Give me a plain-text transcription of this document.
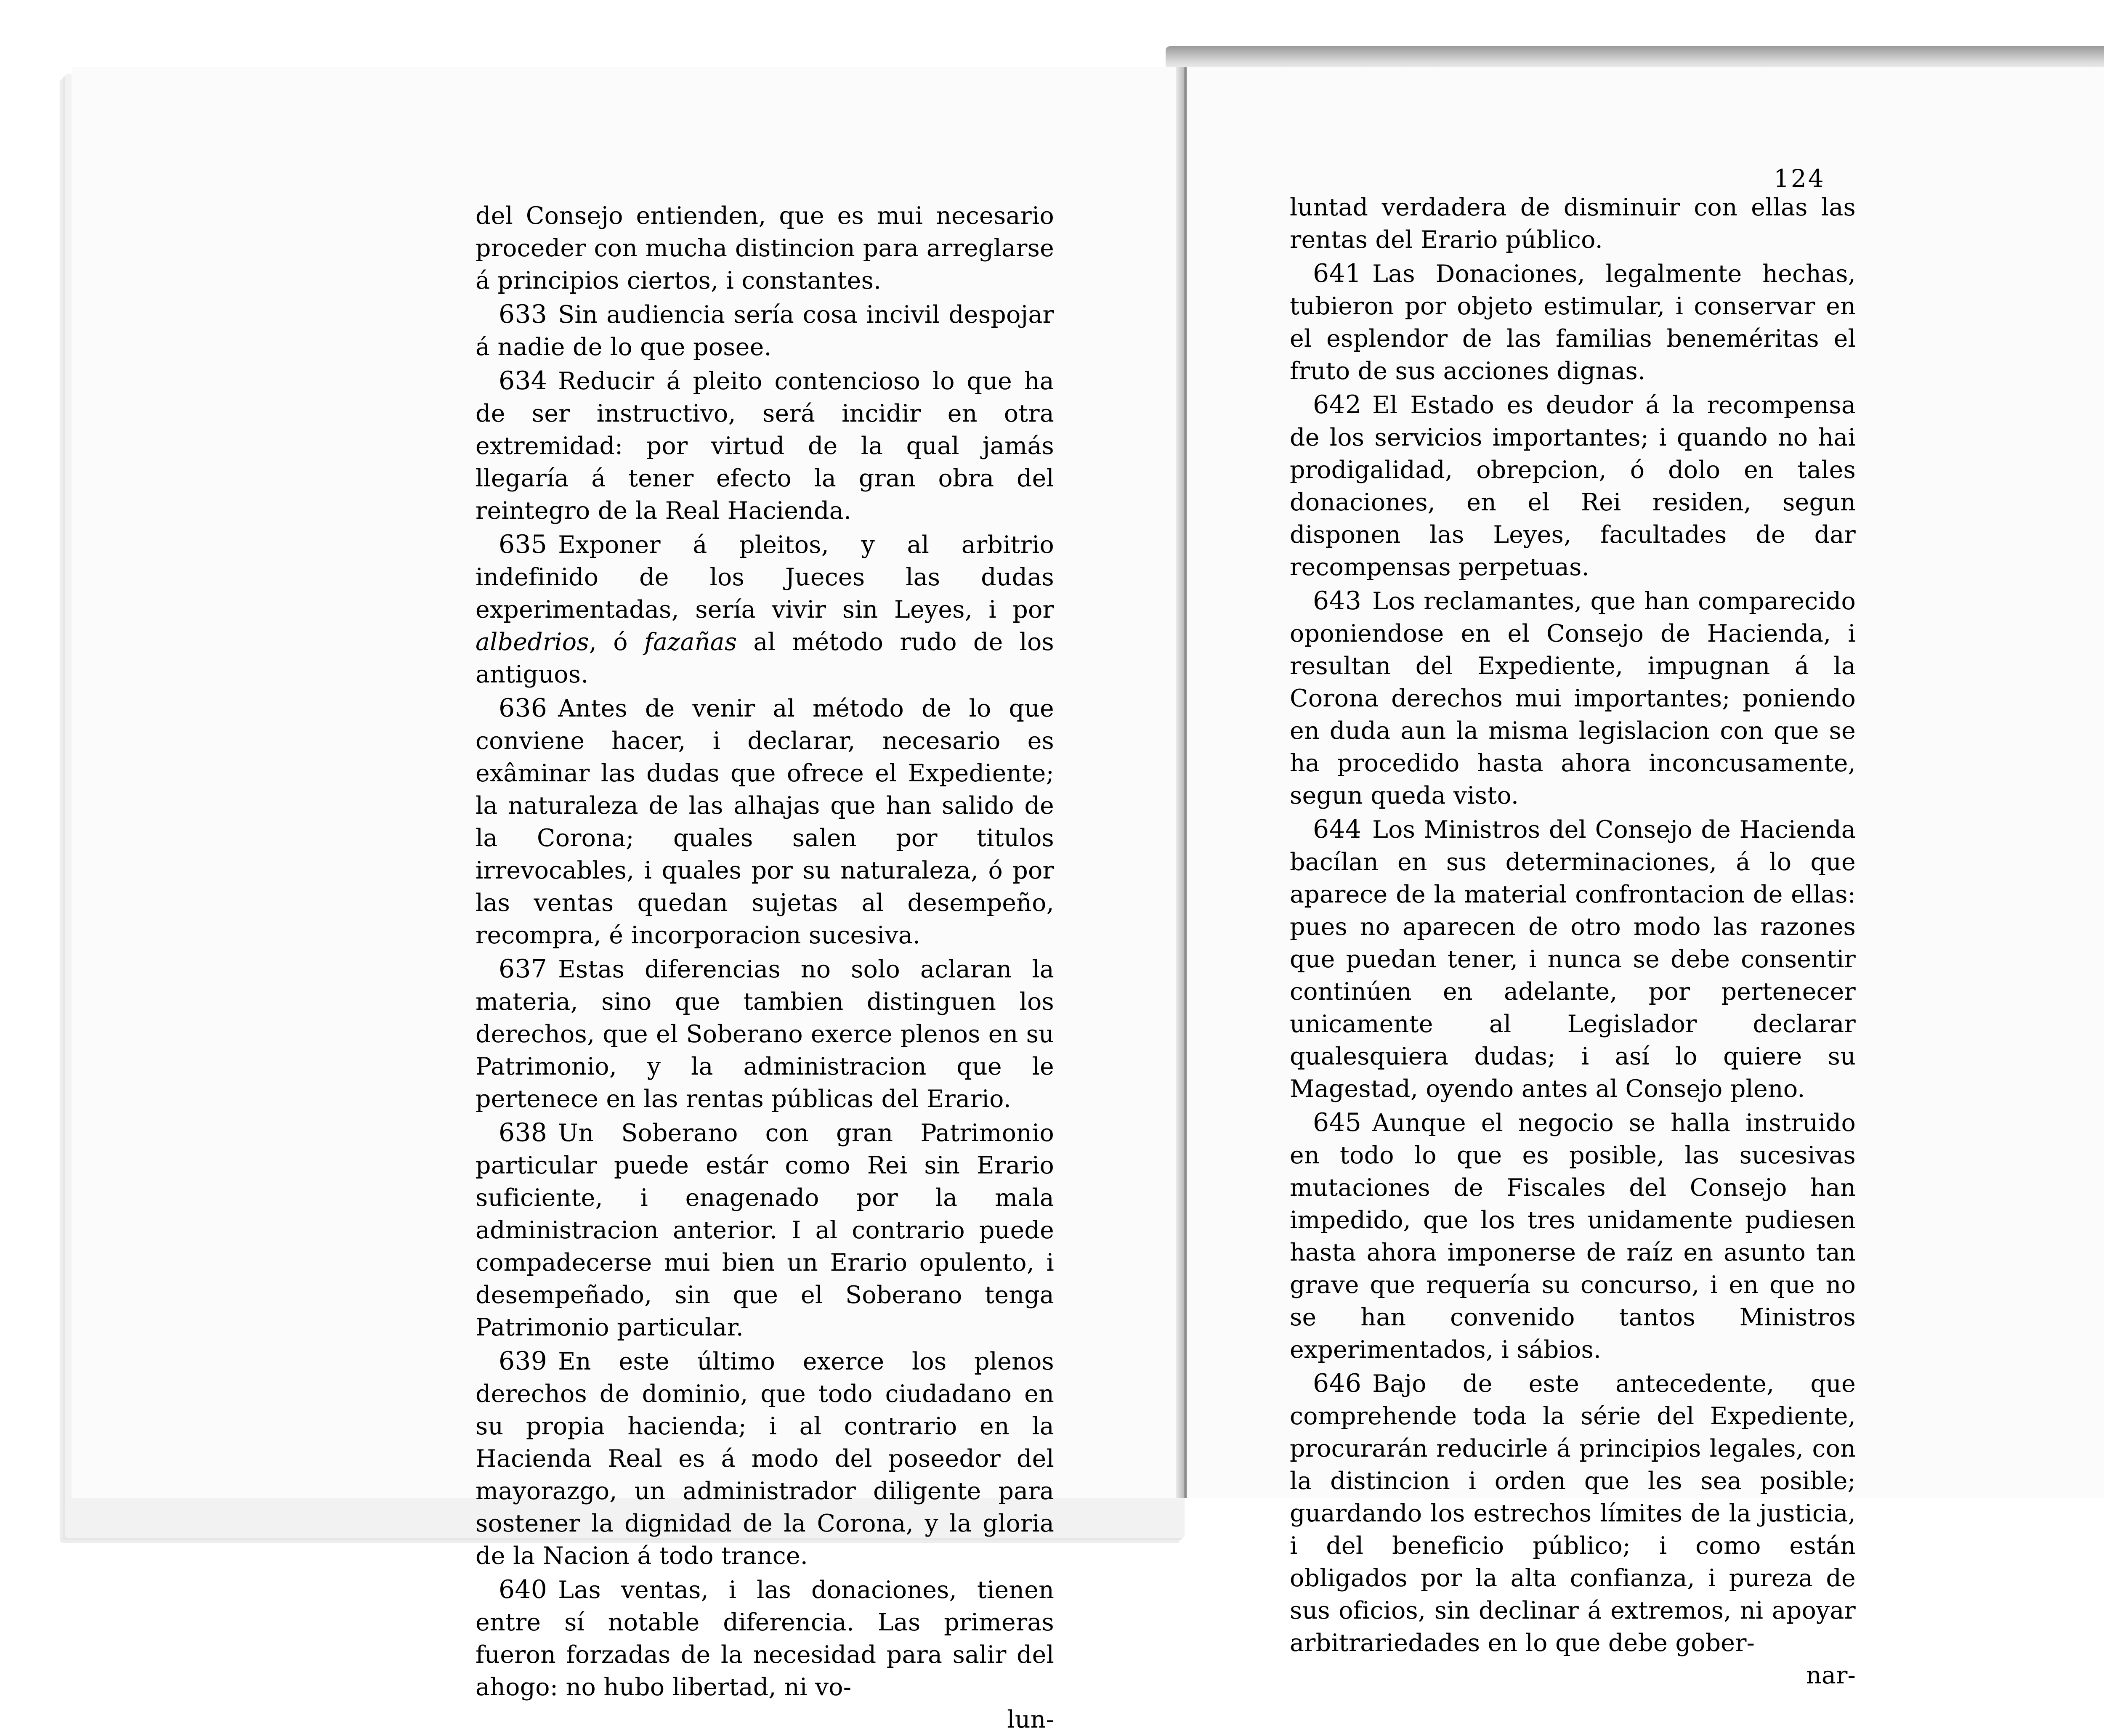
del Consejo entienden, que es mui necesario proceder con mucha distincion para arreglarse á principios ciertos, i constantes.

633 Sin audiencia sería cosa incivil despojar á nadie de lo que posee.

634 Reducir á pleito contencioso lo que ha de ser instructivo, será incidir en otra extremidad: por virtud de la qual jamás llegaría á tener efecto la gran obra del reintegro de la Real Hacienda.

635 Exponer á pleitos, y al arbitrio indefinido de los Jueces las dudas experimentadas, sería vivir sin Leyes, i por albedrios, ó fazañas al método rudo de los antiguos.

636 Antes de venir al método de lo que conviene hacer, i declarar, necesario es exâminar las dudas que ofrece el Expediente; la naturaleza de las alhajas que han salido de la Corona; quales salen por titulos irrevocables, i quales por su naturaleza, ó por las ventas quedan sujetas al desempeño, recompra, é incorporacion sucesiva.

637 Estas diferencias no solo aclaran la materia, sino que tambien distinguen los derechos, que el Soberano exerce plenos en su Patrimonio, y la administracion que le pertenece en las rentas públicas del Erario.

638 Un Soberano con gran Patrimonio particular puede estár como Rei sin Erario suficiente, i enagenado por la mala administracion anterior. I al contrario puede compadecerse mui bien un Erario opulento, i desempeñado, sin que el Soberano tenga Patrimonio particular.

639 En este último exerce los plenos derechos de dominio, que todo ciudadano en su propia hacienda; i al contrario en la Hacienda Real es á modo del poseedor del mayorazgo, un administrador diligente para sostener la dignidad de la Corona, y la gloria de la Nacion á todo trance.

640 Las ventas, i las donaciones, tienen entre sí notable diferencia. Las primeras fueron forzadas de la necesidad para salir del ahogo: no hubo libertad, ni vo-

lun-

124

luntad verdadera de disminuir con ellas las rentas del Erario público.

641 Las Donaciones, legalmente hechas, tubieron por objeto estimular, i conservar en el esplendor de las familias beneméritas el fruto de sus acciones dignas.

642 El Estado es deudor á la recompensa de los servicios importantes; i quando no hai prodigalidad, obrepcion, ó dolo en tales donaciones, en el Rei residen, segun disponen las Leyes, facultades de dar recompensas perpetuas.

643 Los reclamantes, que han comparecido oponiendose en el Consejo de Hacienda, i resultan del Expediente, impugnan á la Corona derechos mui importantes; poniendo en duda aun la misma legislacion con que se ha procedido hasta ahora inconcusamente, segun queda visto.

644 Los Ministros del Consejo de Hacienda bacílan en sus determinaciones, á lo que aparece de la material confrontacion de ellas: pues no aparecen de otro modo las razones que puedan tener, i nunca se debe consentir continúen en adelante, por pertenecer unicamente al Legislador declarar qualesquiera dudas; i así lo quiere su Magestad, oyendo antes al Consejo pleno.

645 Aunque el negocio se halla instruido en todo lo que es posible, las sucesivas mutaciones de Fiscales del Consejo han impedido, que los tres unidamente pudiesen hasta ahora imponerse de raíz en asunto tan grave que requería su concurso, i en que no se han convenido tantos Ministros experimentados, i sábios.

646 Bajo de este antecedente, que comprehende toda la série del Expediente, procurarán reducirle á principios legales, con la distincion i orden que les sea posible; guardando los estrechos límites de la justicia, i del beneficio público; i como están obligados por la alta confianza, i pureza de sus oficios, sin declinar á extremos, ni apoyar arbitrariedades en lo que debe gober-

nar-
